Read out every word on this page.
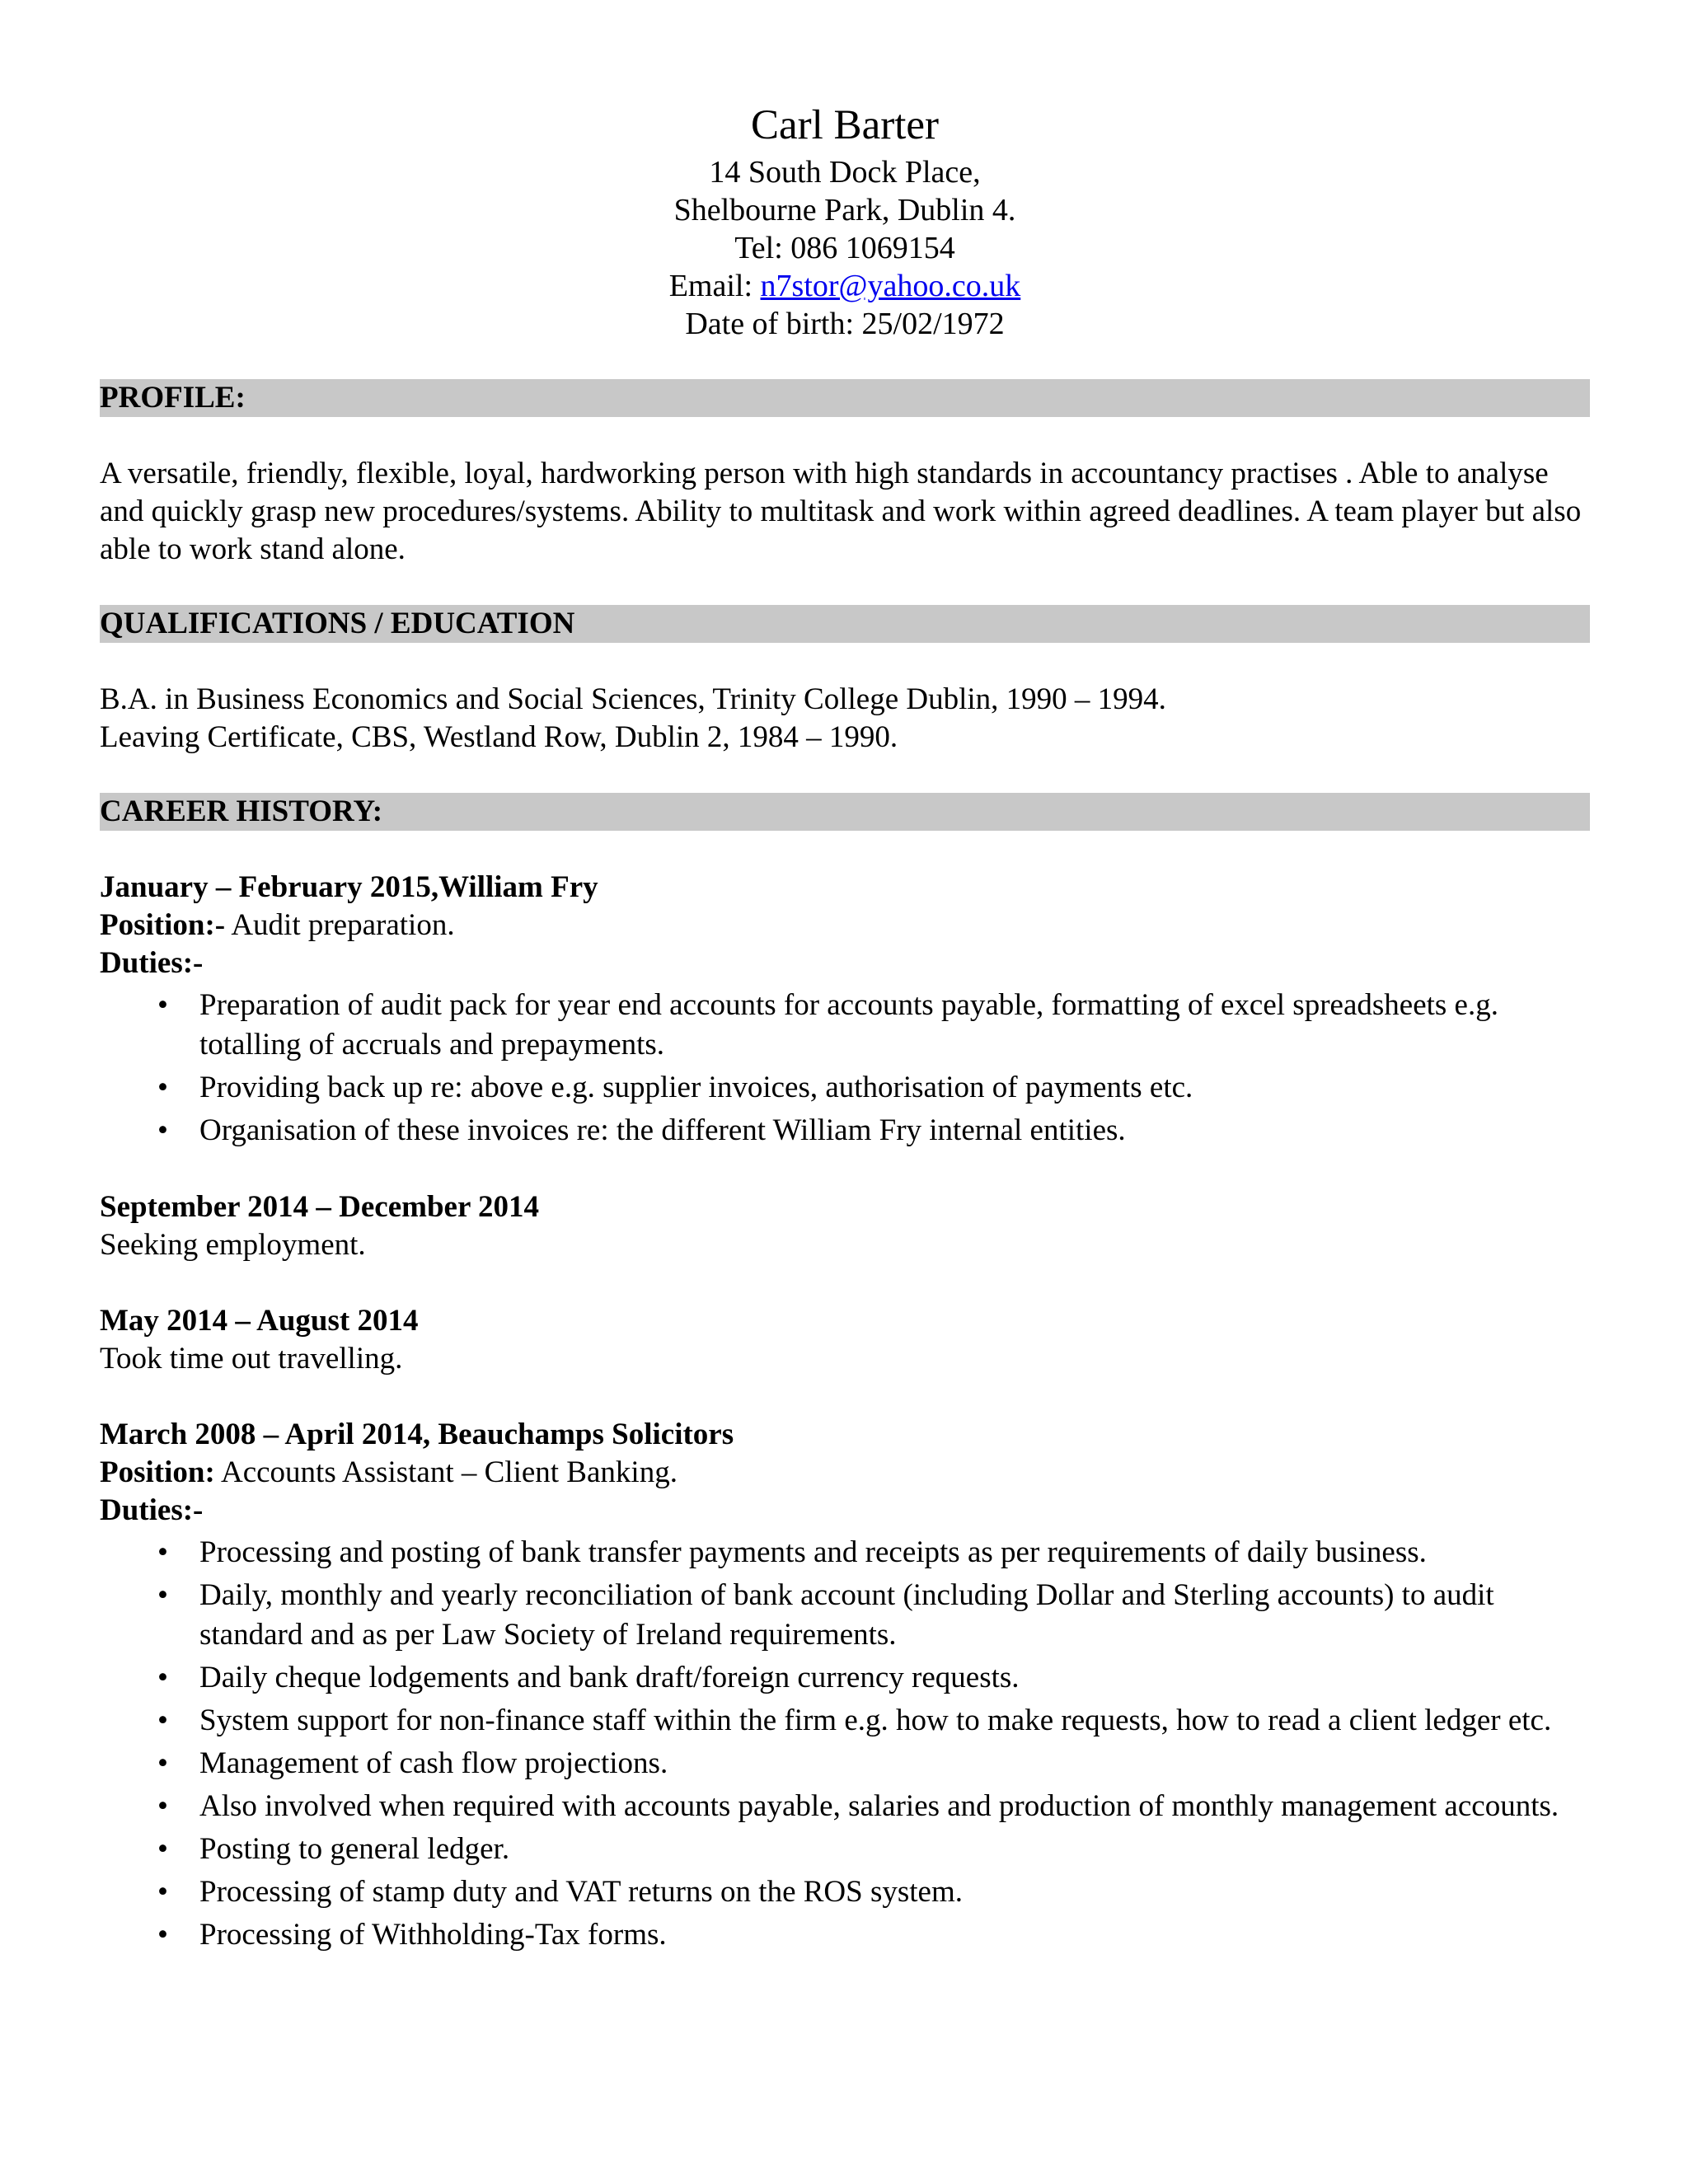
Carl Barter
14 South Dock Place,
Shelbourne Park, Dublin 4.
Tel: 086 1069154
Email: n7stor@yahoo.co.uk
Date of birth: 25/02/1972
PROFILE:
A versatile, friendly, flexible, loyal, hardworking person with high standards in accountancy practises . Able to analyse and quickly grasp new procedures/systems. Ability to multitask and work within agreed deadlines. A team player but also able to work stand alone.
QUALIFICATIONS / EDUCATION
B.A. in Business Economics and Social Sciences, Trinity College Dublin, 1990 – 1994.
Leaving Certificate, CBS, Westland Row, Dublin 2, 1984 – 1990.
CAREER HISTORY:
January – February 2015,William Fry
Position:- Audit preparation.
Duties:-
• Preparation of audit pack for year end accounts for accounts payable, formatting of excel spreadsheets e.g. totalling of accruals and prepayments.
• Providing back up re: above e.g. supplier invoices, authorisation of payments etc.
• Organisation of these invoices re: the different William Fry internal entities.
September 2014 – December 2014
Seeking employment.
May 2014 – August 2014
Took time out travelling.
March 2008 – April 2014, Beauchamps Solicitors
Position: Accounts Assistant – Client Banking.
Duties:-
• Processing and posting of bank transfer payments and receipts as per requirements of daily business.
• Daily, monthly and yearly reconciliation of bank account (including Dollar and Sterling accounts) to audit standard and as per Law Society of Ireland requirements.
• Daily cheque lodgements and bank draft/foreign currency requests.
• System support for non-finance staff within the firm e.g. how to make requests, how to read a client ledger etc.
• Management of cash flow projections.
• Also involved when required with accounts payable, salaries and production of monthly management accounts.
• Posting to general ledger.
• Processing of stamp duty and VAT returns on the ROS system.
• Processing of Withholding-Tax forms.
